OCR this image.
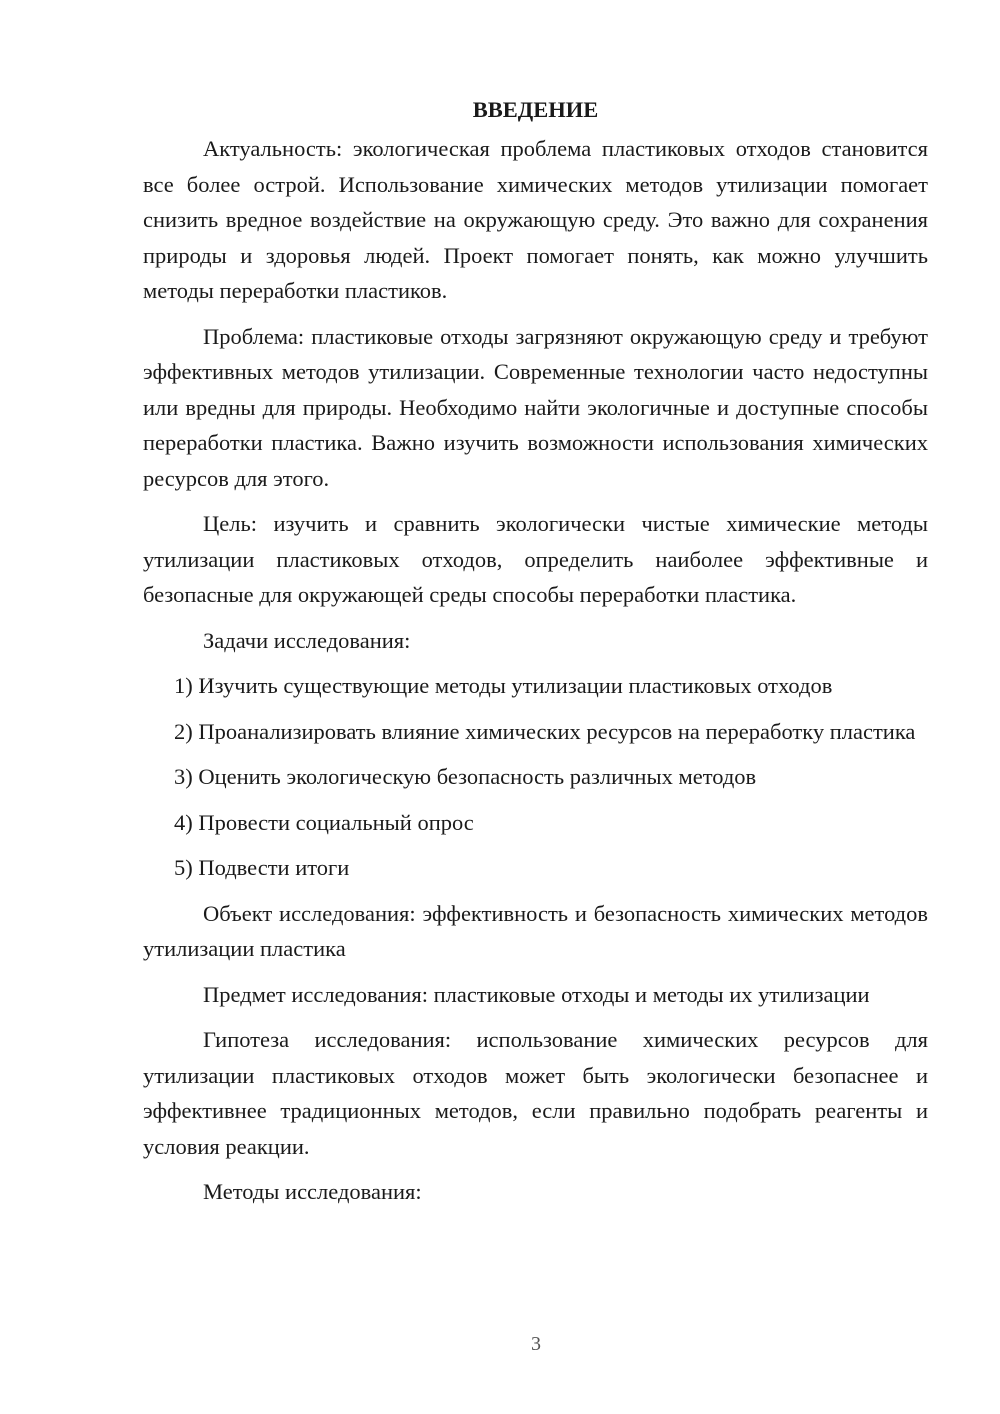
ВВЕДЕНИЕ

Актуальность: экологическая проблема пластиковых отходов становится все более острой. Использование химических методов утилизации помогает снизить вредное воздействие на окружающую среду. Это важно для сохранения природы и здоровья людей. Проект помогает понять, как можно улучшить методы переработки пластиков.

Проблема: пластиковые отходы загрязняют окружающую среду и требуют эффективных методов утилизации. Современные технологии часто недоступны или вредны для природы. Необходимо найти экологичные и доступные способы переработки пластика. Важно изучить возможности использования химических ресурсов для этого.

Цель: изучить и сравнить экологически чистые химические методы утилизации пластиковых отходов, определить наиболее эффективные и безопасные для окружающей среды способы переработки пластика.

Задачи исследования:

1) Изучить существующие методы утилизации пластиковых отходов

2) Проанализировать влияние химических ресурсов на переработку пластика

3) Оценить экологическую безопасность различных методов

4) Провести социальный опрос

5) Подвести итоги

Объект исследования: эффективность и безопасность химических методов утилизации пластика

Предмет исследования: пластиковые отходы и методы их утилизации

Гипотеза исследования: использование химических ресурсов для утилизации пластиковых отходов может быть экологически безопаснее и эффективнее традиционных методов, если правильно подобрать реагенты и условия реакции.

Методы исследования:

3
